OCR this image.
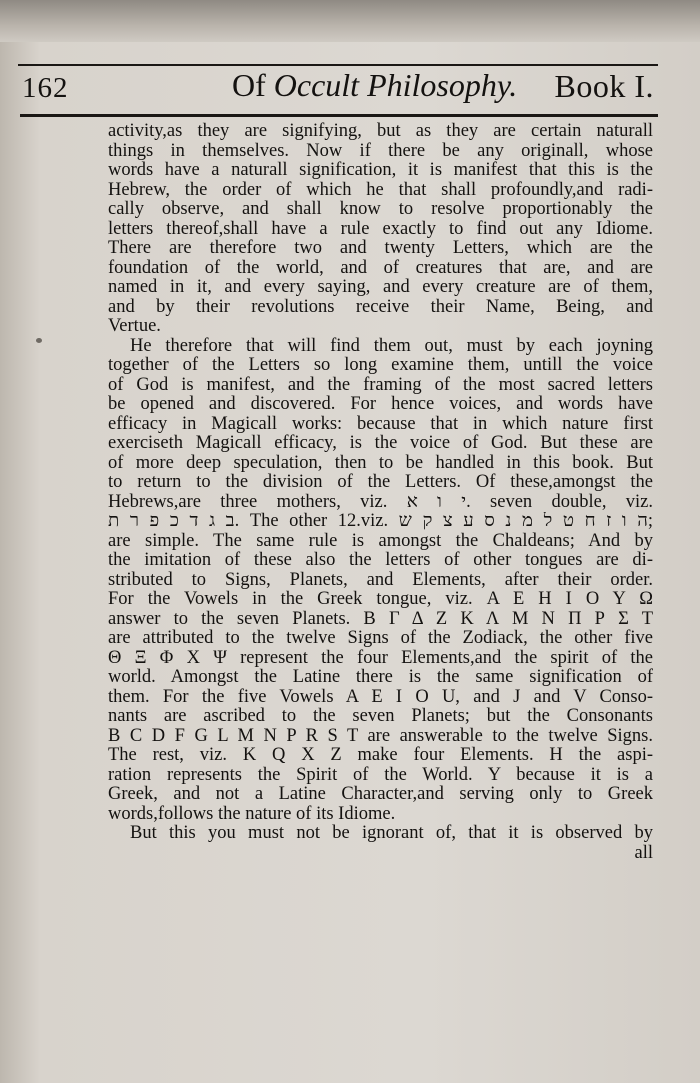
162	Of Occult Philosophy. Book I.
activity,as they are signifying, but as they are certain naturall
things in themselves. Now if there be any originall, whose
words have a naturall signification, it is manifest that this is the
Hebrew, the order of which he that shall profoundly,and radi-
cally observe, and shall know to resolve proportionably the
letters thereof,shall have a rule exactly to find out any Idiome.
There are therefore two and twenty Letters, which are the
foundation of the world, and of creatures that are, and are
named in it, and every saying, and every creature are of them,
and by their revolutions receive their Name, Being, and
Vertue.
He therefore that will find them out, must by each joyning
together of the Letters so long examine them, untill the voice
of God is manifest, and the framing of the most sacred letters
be opened and discovered. For hence voices, and words have
efficacy in Magicall works: because that in which nature first
exerciseth Magicall efficacy, is the voice of God. But these are
of more deep speculation, then to be handled in this book. But
to return to the division of the Letters. Of these,amongst the
Hebrews,are three mothers, viz. י ו א. seven double, viz.
ב ג ד כ פ ר ת. The other 12.viz. ה ו ז ח ט ל מ נ ס ע צ ק ש;
are simple. The same rule is amongst the Chaldeans; And by
the imitation of these also the letters of other tongues are di-
stributed to Signs, Planets, and Elements, after their order.
For the Vowels in the Greek tongue, viz. Α Ε Η Ι Ο Υ Ω
answer to the seven Planets. Β Γ Δ Ζ Κ Λ Μ Ν Π Ρ Σ Τ
are attributed to the twelve Signs of the Zodiack, the other five
Θ Ξ Φ Χ Ψ represent the four Elements,and the spirit of the
world. Amongst the Latine there is the same signification of
them. For the five Vowels A E I O U, and J and V Conso-
nants are ascribed to the seven Planets; but the Consonants
B C D F G L M N P R S T are answerable to the twelve Signs.
The rest, viz. K Q X Z make four Elements. H the aspi-
ration represents the Spirit of the World. Y because it is a
Greek, and not a Latine Character,and serving only to Greek
words,follows the nature of its Idiome.
But this you must not be ignorant of, that it is observed by
all
